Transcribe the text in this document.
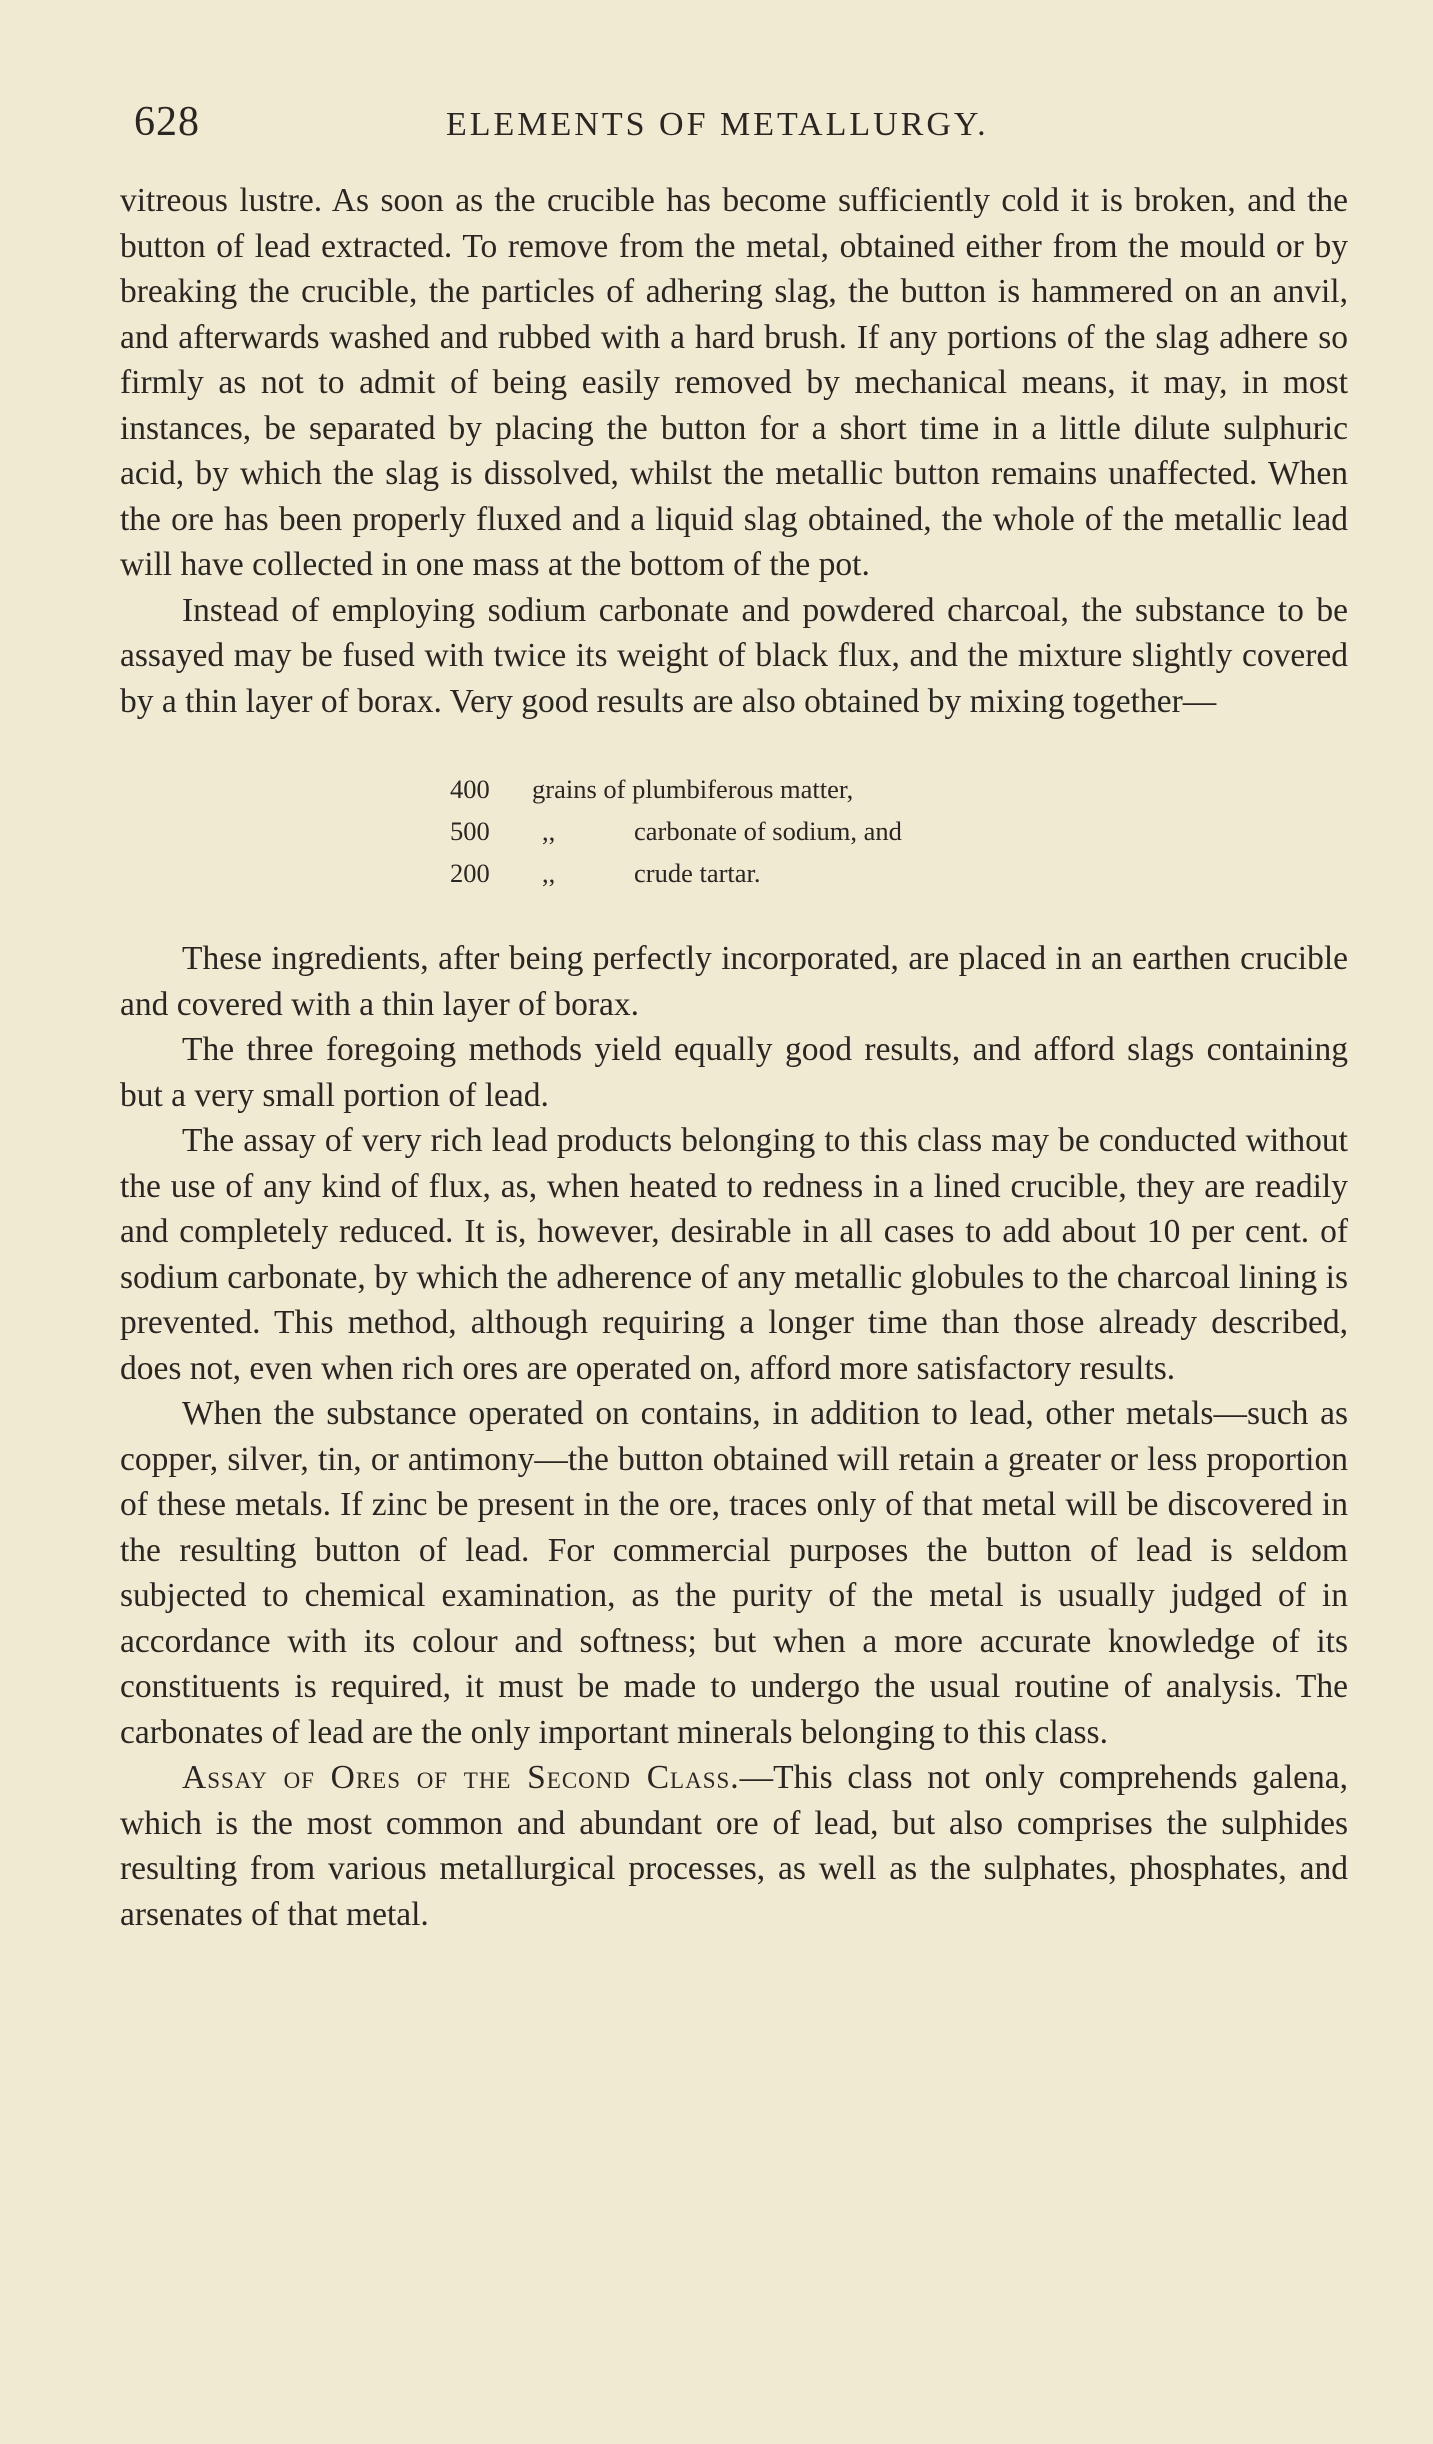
628	ELEMENTS OF METALLURGY.

vitreous lustre. As soon as the crucible has become sufficiently cold it is broken, and the button of lead extracted. To remove from the metal, obtained either from the mould or by breaking the crucible, the particles of adhering slag, the button is hammered on an anvil, and afterwards washed and rubbed with a hard brush. If any portions of the slag adhere so firmly as not to admit of being easily removed by mechanical means, it may, in most instances, be separated by placing the button for a short time in a little dilute sulphuric acid, by which the slag is dissolved, whilst the metallic button remains unaffected. When the ore has been properly fluxed and a liquid slag obtained, the whole of the metallic lead will have collected in one mass at the bottom of the pot.

Instead of employing sodium carbonate and powdered charcoal, the substance to be assayed may be fused with twice its weight of black flux, and the mixture slightly covered by a thin layer of borax. Very good results are also obtained by mixing together—

400 grains of plumbiferous matter,
500 ,,	carbonate of sodium, and
200 ,,	crude tartar.

These ingredients, after being perfectly incorporated, are placed in an earthen crucible and covered with a thin layer of borax.

The three foregoing methods yield equally good results, and afford slags containing but a very small portion of lead.

The assay of very rich lead products belonging to this class may be conducted without the use of any kind of flux, as, when heated to redness in a lined crucible, they are readily and completely reduced. It is, however, desirable in all cases to add about 10 per cent. of sodium carbonate, by which the adherence of any metallic globules to the charcoal lining is prevented. This method, although requiring a longer time than those already described, does not, even when rich ores are operated on, afford more satisfactory results.

When the substance operated on contains, in addition to lead, other metals—such as copper, silver, tin, or antimony—the button obtained will retain a greater or less proportion of these metals. If zinc be present in the ore, traces only of that metal will be discovered in the resulting button of lead. For commercial purposes the button of lead is seldom subjected to chemical examination, as the purity of the metal is usually judged of in accordance with its colour and softness; but when a more accurate knowledge of its constituents is required, it must be made to undergo the usual routine of analysis. The carbonates of lead are the only important minerals belonging to this class.

Assay of Ores of the Second Class.—This class not only comprehends galena, which is the most common and abundant ore of lead, but also comprises the sulphides resulting from various metallurgical processes, as well as the sulphates, phosphates, and arsenates of that metal.
